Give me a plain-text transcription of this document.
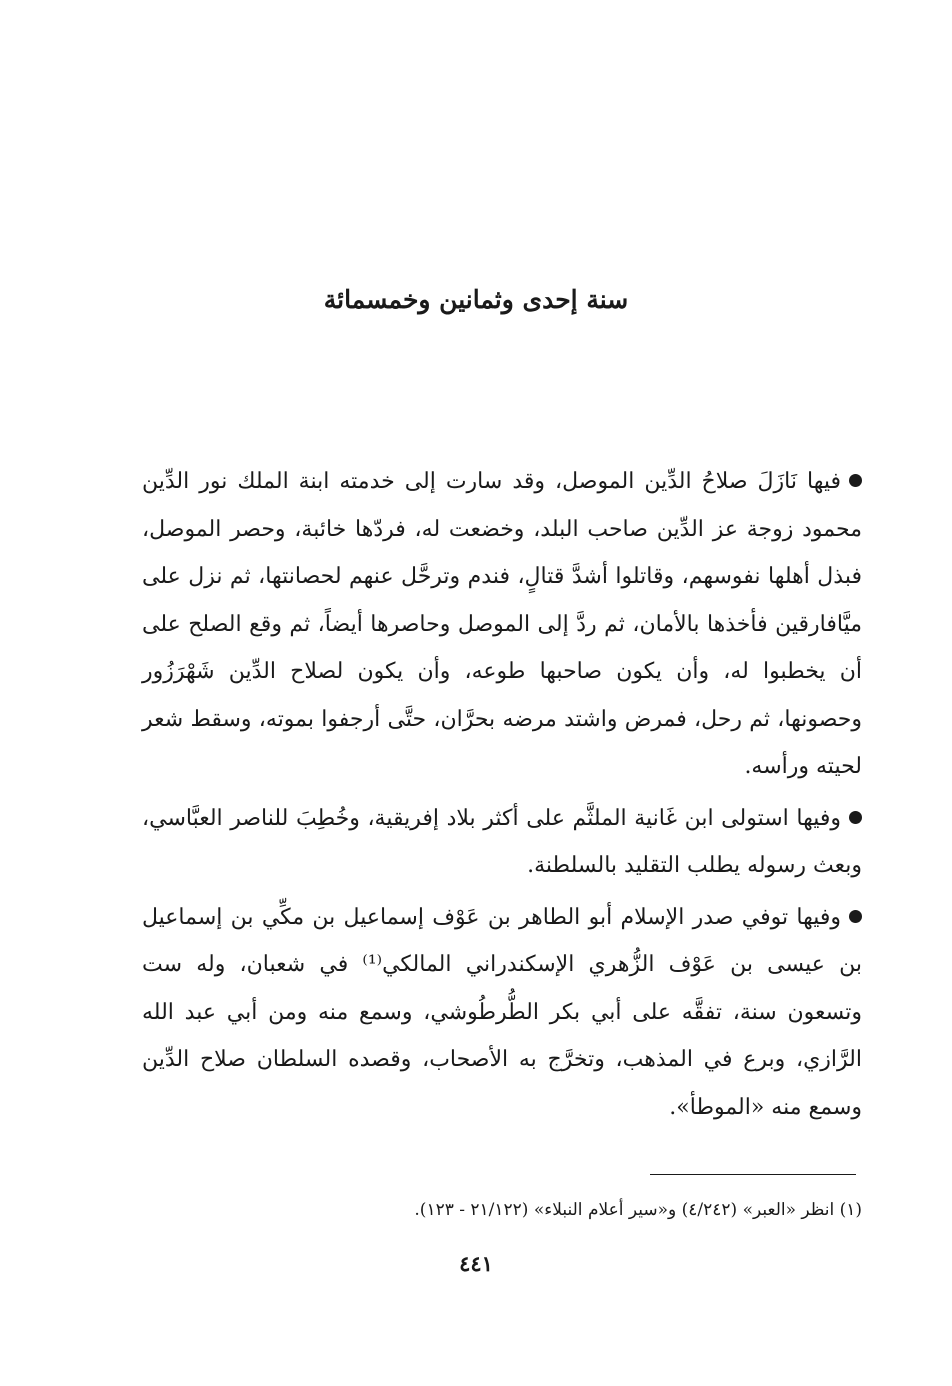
سنة إحدى وثمانين وخمسمائة

فيها نَازَلَ صلاحُ الدِّين الموصل، وقد سارت إلى خدمته ابنة الملك نور الدِّين محمود زوجة عز الدِّين صاحب البلد، وخضعت له، فردّها خائبة، وحصر الموصل، فبذل أهلها نفوسهم، وقاتلوا أشدَّ قتالٍ، فندم وترحَّل عنهم لحصانتها، ثم نزل على ميَّافارقين فأخذها بالأمان، ثم ردَّ إلى الموصل وحاصرها أيضاً، ثم وقع الصلح على أن يخطبوا له، وأن يكون صاحبها طوعه، وأن يكون لصلاح الدِّين شَهْرَزُور وحصونها، ثم رحل، فمرض واشتد مرضه بحرَّان، حتَّى أرجفوا بموته، وسقط شعر لحيته ورأسه.

وفيها استولى ابن غَانية الملثَّم على أكثر بلاد إفريقية، وخُطِبَ للناصر العبَّاسي، وبعث رسوله يطلب التقليد بالسلطنة.

وفيها توفي صدر الإسلام أبو الطاهر بن عَوْف إسماعيل بن مكِّي بن إسماعيل بن عيسى بن عَوْف الزُّهري الإسكندراني المالكي⁽¹⁾ في شعبان، وله ست وتسعون سنة، تفقَّه على أبي بكر الطُّرطُوشي، وسمع منه ومن أبي عبد الله الرَّازي، وبرع في المذهب، وتخرَّج به الأصحاب، وقصده السلطان صلاح الدِّين وسمع منه «الموطأ».

(١) انظر «العبر» (٤/٢٤٢) و«سير أعلام النبلاء» (٢١/١٢٢ - ١٢٣).
٤٤١
